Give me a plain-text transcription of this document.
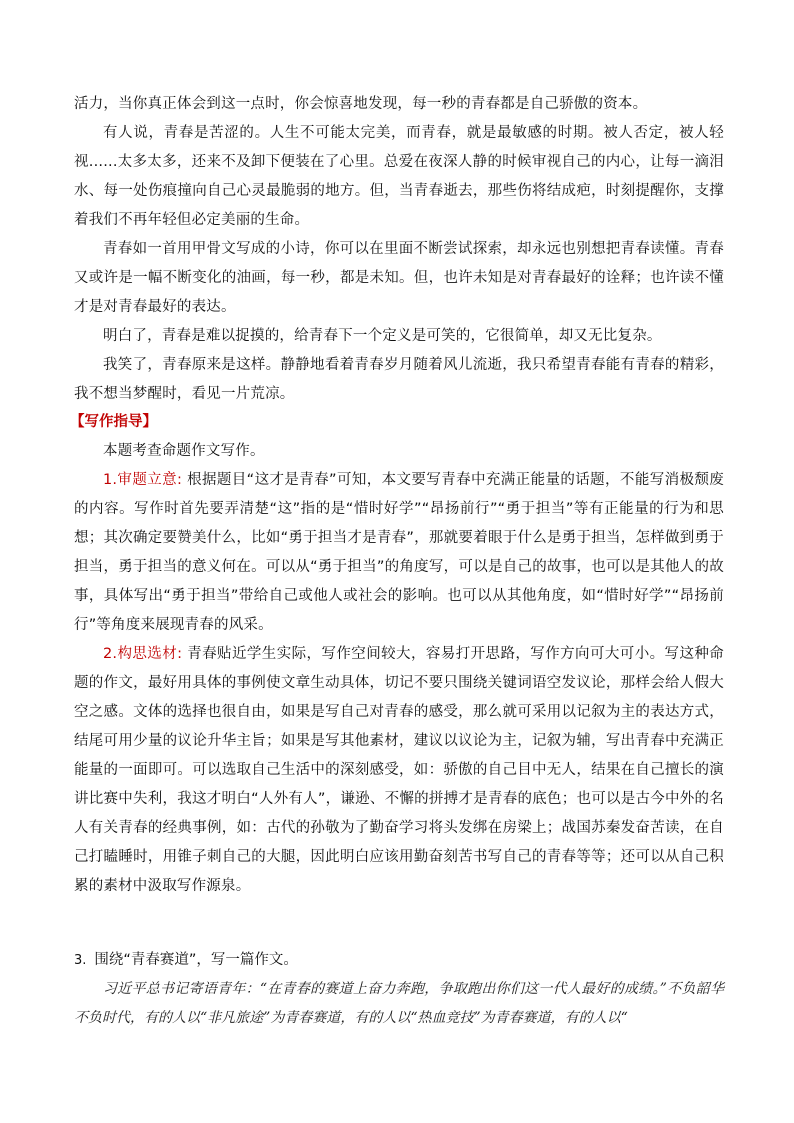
活力，当你真正体会到这一点时，你会惊喜地发现，每一秒的青春都是自己骄傲的资本。

有人说，青春是苦涩的。人生不可能太完美，而青春，就是最敏感的时期。被人否定，被人轻视......太多太多，还来不及卸下便装在了心里。总爱在夜深人静的时候审视自己的内心，让每一滴泪水、每一处伤痕撞向自己心灵最脆弱的地方。但，当青春逝去，那些伤将结成疤，时刻提醒你，支撑着我们不再年轻但必定美丽的生命。

青春如一首用甲骨文写成的小诗，你可以在里面不断尝试探索，却永远也别想把青春读懂。青春又或许是一幅不断变化的油画，每一秒，都是未知。但，也许未知是对青春最好的诠释；也许读不懂才是对青春最好的表达。

明白了，青春是难以捉摸的，给青春下一个定义是可笑的，它很简单，却又无比复杂。

我笑了，青春原来是这样。静静地看着青春岁月随着风儿流逝，我只希望青春能有青春的精彩，我不想当梦醒时，看见一片荒凉。

【写作指导】

本题考查命题作文写作。

1.审题立意: 根据题目“这才是青春”可知，本文要写青春中充满正能量的话题，不能写消极颓废的内容。写作时首先要弄清楚“这”指的是“惜时好学”“昂扬前行”“勇于担当”等有正能量的行为和思想；其次确定要赞美什么，比如“勇于担当才是青春”，那就要着眼于什么是勇于担当，怎样做到勇于担当，勇于担当的意义何在。可以从“勇于担当”的角度写，可以是自己的故事，也可以是其他人的故事，具体写出“勇于担当”带给自己或他人或社会的影响。也可以从其他角度，如“惜时好学”“昂扬前行”等角度来展现青春的风采。

2.构思选材: 青春贴近学生实际，写作空间较大，容易打开思路，写作方向可大可小。写这种命题的作文，最好用具体的事例使文章生动具体，切记不要只围绕关键词语空发议论，那样会给人假大空之感。文体的选择也很自由，如果是写自己对青春的感受，那么就可采用以记叙为主的表达方式，结尾可用少量的议论升华主旨；如果是写其他素材，建议以议论为主，记叙为辅，写出青春中充满正能量的一面即可。可以选取自己生活中的深刻感受，如：骄傲的自己目中无人，结果在自己擅长的演讲比赛中失利，我这才明白“人外有人”，谦逊、不懈的拼搏才是青春的底色；也可以是古今中外的名人有关青春的经典事例，如：古代的孙敬为了勤奋学习将头发绑在房梁上；战国苏秦发奋苦读，在自己打瞌睡时，用锥子刺自己的大腿，因此明白应该用勤奋刻苦书写自己的青春等等；还可以从自己积累的素材中汲取写作源泉。

3. 围绕“青春赛道”，写一篇作文。

习近平总书记寄语青年：“在青春的赛道上奋力奔跑，争取跑出你们这一代人最好的成绩。”不负韶华不负时代，有的人以“非凡旅途”为青春赛道，有的人以“热血竞技”为青春赛道，有的人以“
